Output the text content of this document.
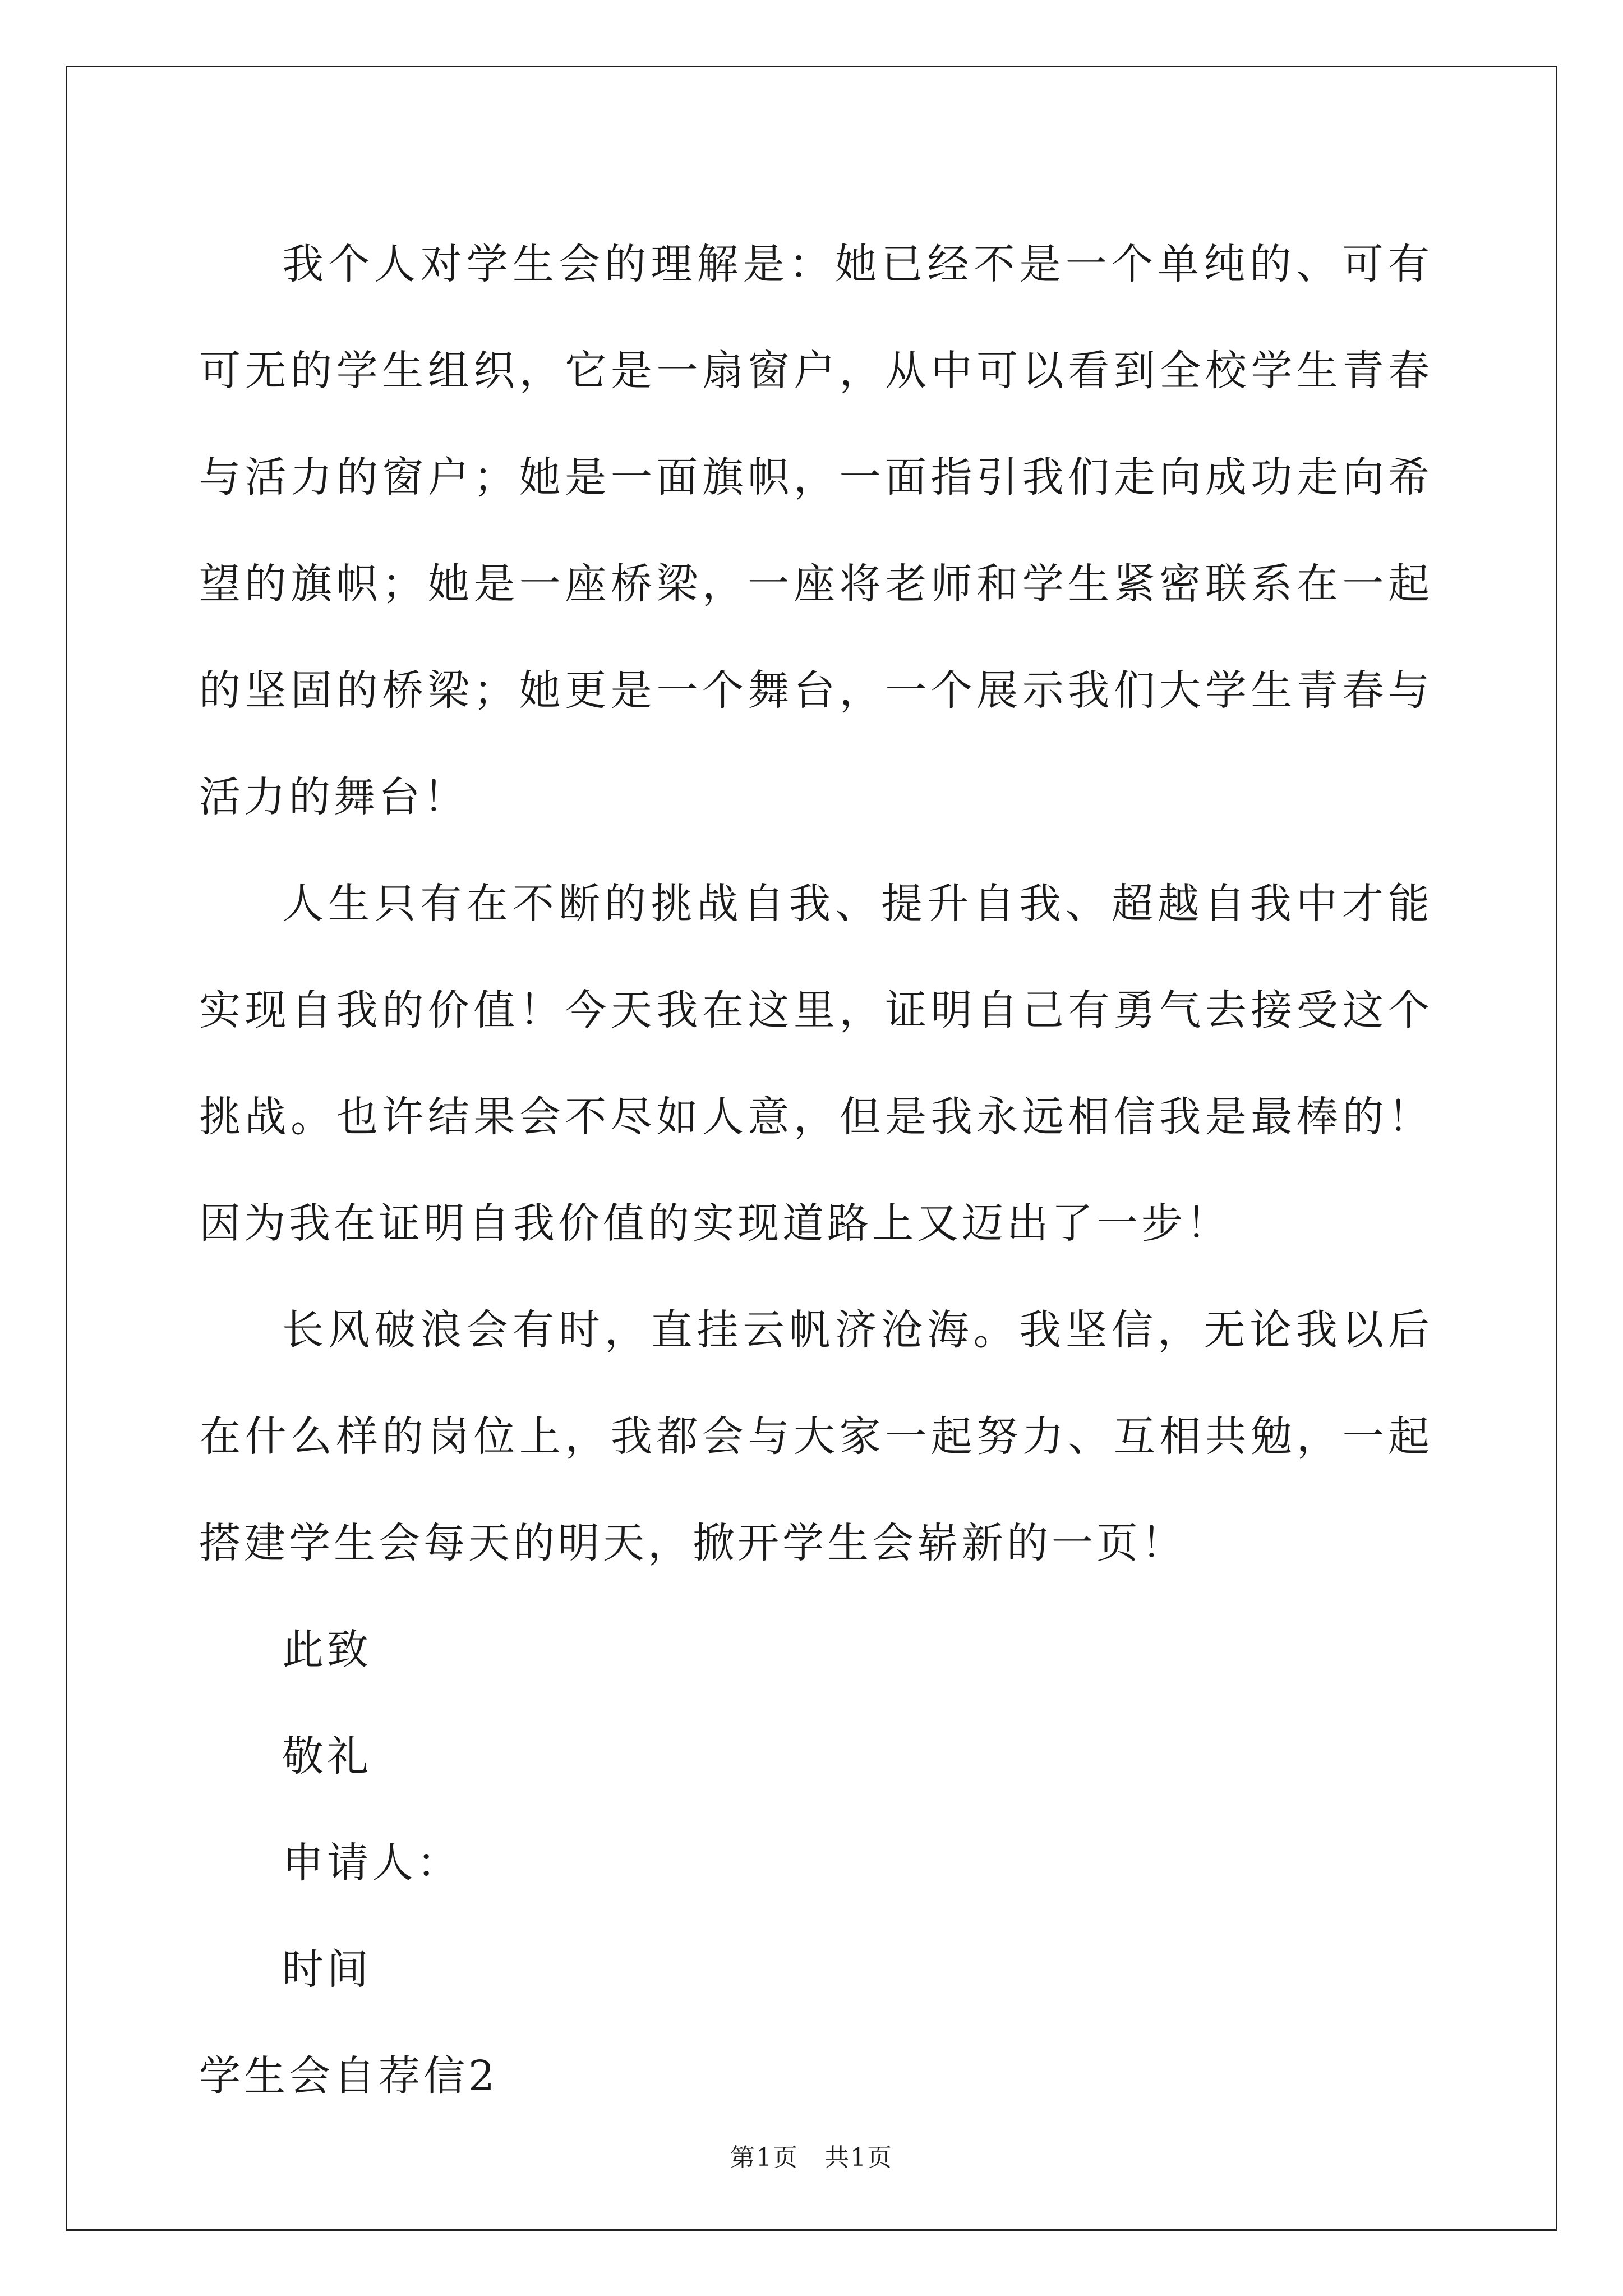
我个人对学生会的理解是：她已经不是一个单纯的、可有可无的学生组织，它是一扇窗户，从中可以看到全校学生青春与活力的窗户；她是一面旗帜，一面指引我们走向成功走向希望的旗帜；她是一座桥梁，一座将老师和学生紧密联系在一起的坚固的桥梁；她更是一个舞台，一个展示我们大学生青春与活力的舞台！

人生只有在不断的挑战自我、提升自我、超越自我中才能实现自我的价值！今天我在这里，证明自己有勇气去接受这个挑战。也许结果会不尽如人意，但是我永远相信我是最棒的！因为我在证明自我价值的实现道路上又迈出了一步！

长风破浪会有时，直挂云帆济沧海。我坚信，无论我以后在什么样的岗位上，我都会与大家一起努力、互相共勉，一起搭建学生会每天的明天，掀开学生会崭新的一页！

此致

敬礼

申请人：

时间

学生会自荐信2

第1页　共1页
